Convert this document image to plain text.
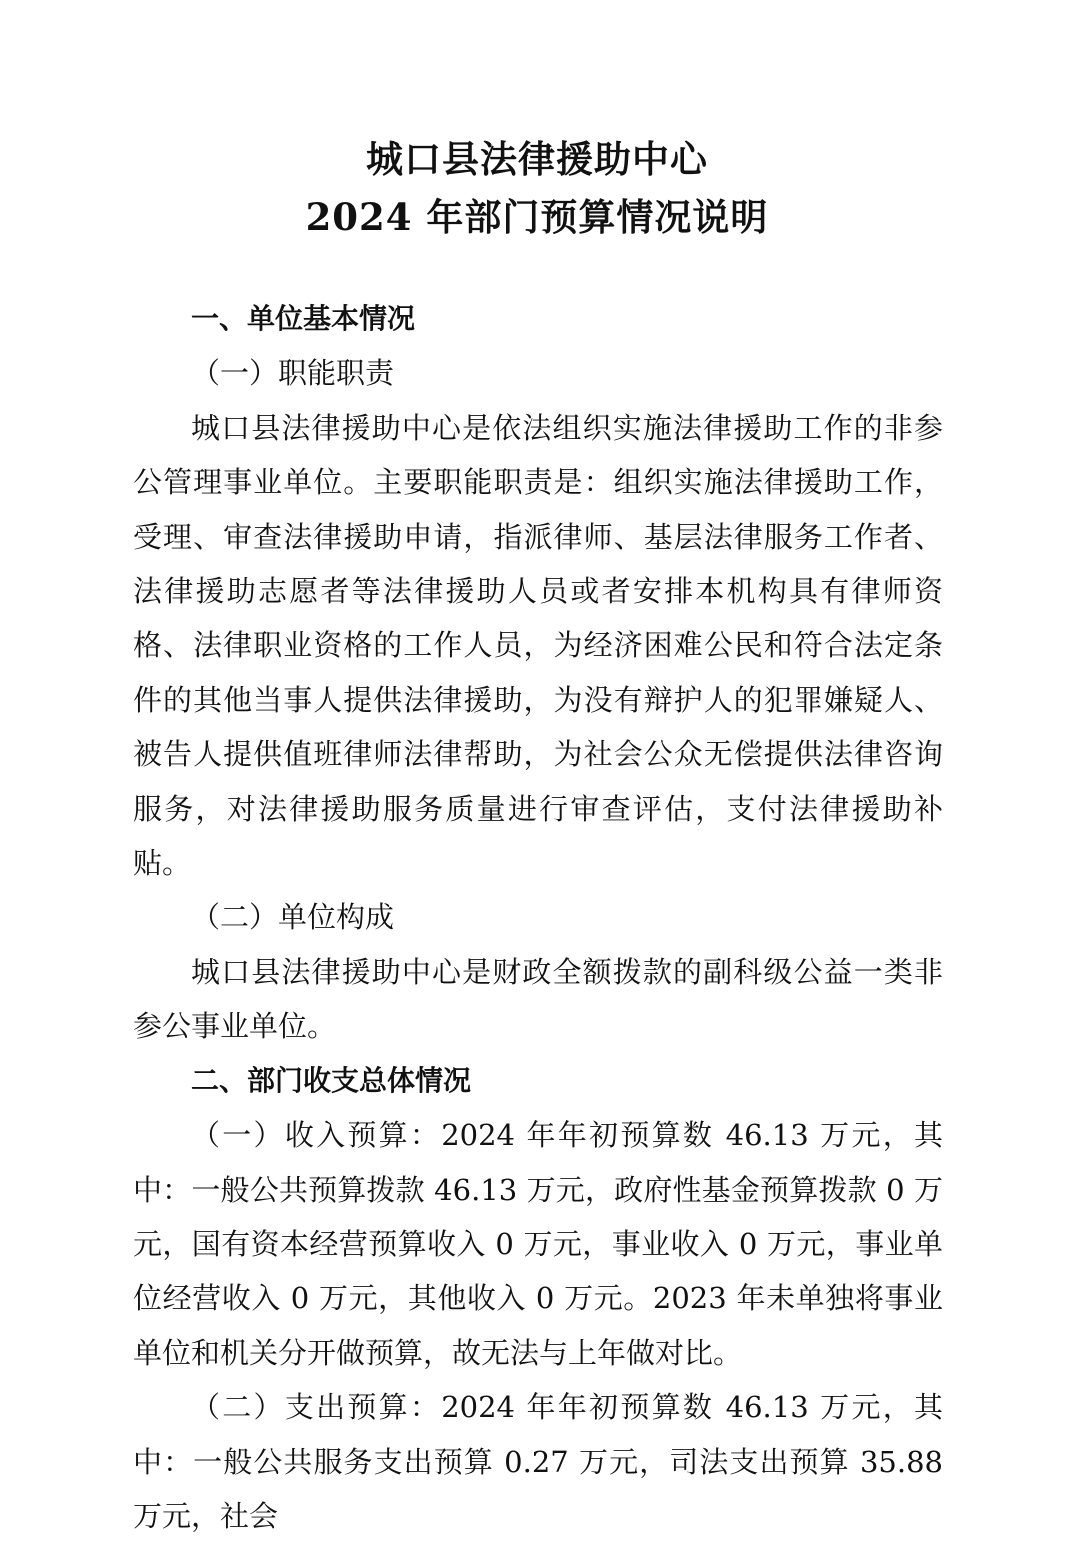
城口县法律援助中心
2024 年部门预算情况说明

一、单位基本情况

（一）职能职责

城口县法律援助中心是依法组织实施法律援助工作的非参公管理事业单位。主要职能职责是：组织实施法律援助工作，受理、审查法律援助申请，指派律师、基层法律服务工作者、法律援助志愿者等法律援助人员或者安排本机构具有律师资格、法律职业资格的工作人员，为经济困难公民和符合法定条件的其他当事人提供法律援助，为没有辩护人的犯罪嫌疑人、被告人提供值班律师法律帮助，为社会公众无偿提供法律咨询服务，对法律援助服务质量进行审查评估，支付法律援助补贴。

（二）单位构成

城口县法律援助中心是财政全额拨款的副科级公益一类非参公事业单位。

二、部门收支总体情况

（一）收入预算：2024 年年初预算数 46.13 万元，其中：一般公共预算拨款 46.13 万元，政府性基金预算拨款 0 万元，国有资本经营预算收入 0 万元，事业收入 0 万元，事业单位经营收入 0 万元，其他收入 0 万元。2023 年未单独将事业单位和机关分开做预算，故无法与上年做对比。

（二）支出预算：2024 年年初预算数 46.13 万元，其中：一般公共服务支出预算 0.27 万元，司法支出预算 35.88 万元，社会
